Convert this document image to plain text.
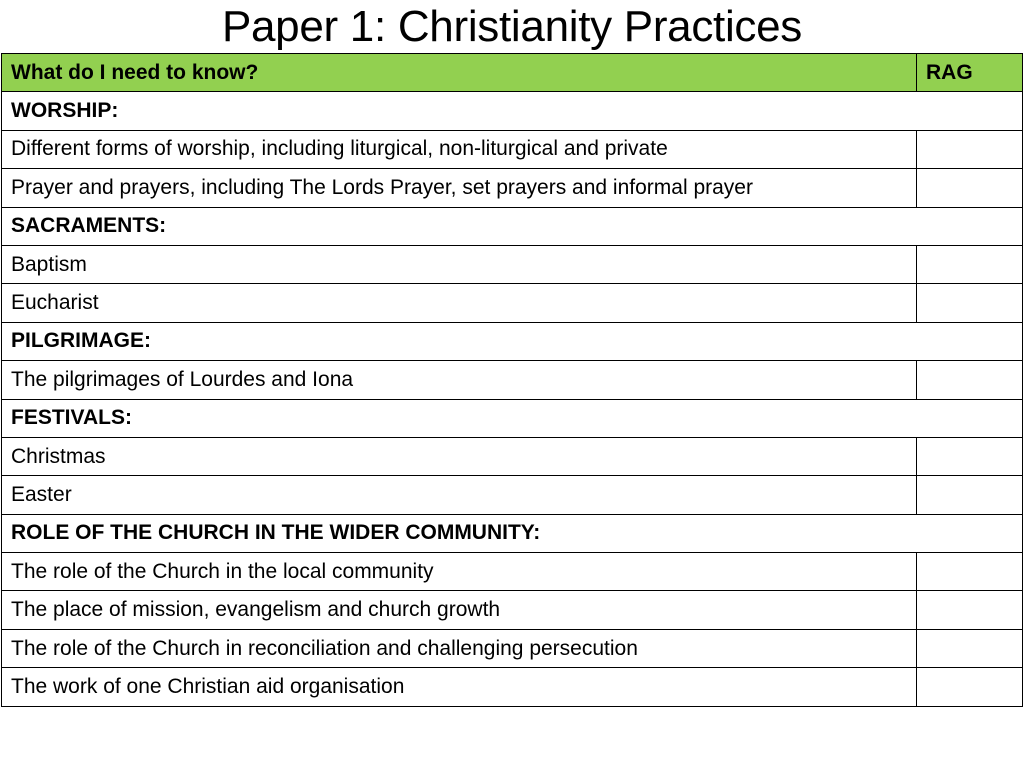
Paper 1: Christianity Practices
What do I need to know?	RAG
WORSHIP:	
Different forms of worship, including liturgical, non-liturgical and private	
Prayer and prayers, including The Lords Prayer, set prayers and informal prayer	
SACRAMENTS:	
Baptism	
Eucharist	
PILGRIMAGE:	
The pilgrimages of Lourdes and Iona	
FESTIVALS:	
Christmas	
Easter	
ROLE OF THE CHURCH IN THE WIDER COMMUNITY:	
The role of the Church in the local community	
The place of mission, evangelism and church growth	
The role of the Church in reconciliation and challenging persecution	
The work of one Christian aid organisation	
